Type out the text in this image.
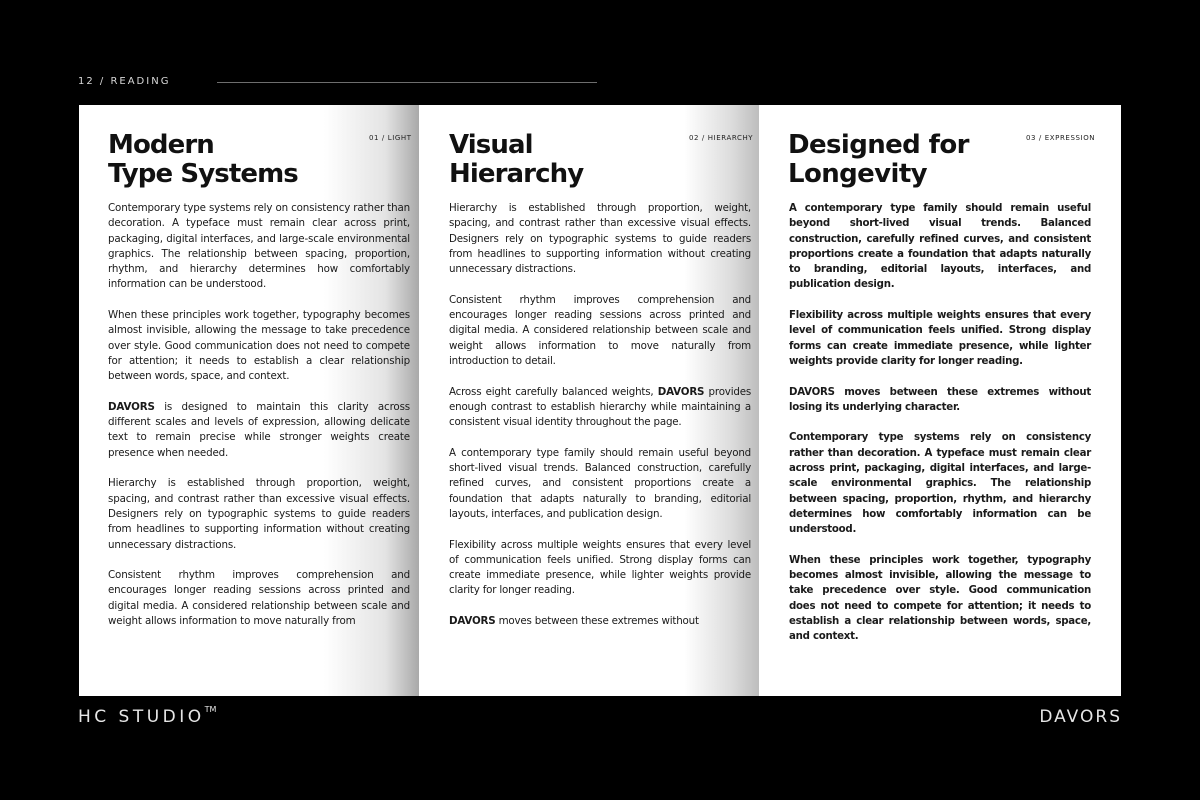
12 / READING
01 / LIGHT
Modern
Type Systems

Contemporary type systems rely on consistency rather than decoration. A typeface must remain clear across print, packaging, digital interfaces, and large-scale environmental graphics. The relationship between spacing, proportion, rhythm, and hierarchy determines how comfortably information can be understood.

When these principles work together, typography becomes almost invisible, allowing the message to take precedence over style. Good communication does not need to compete for attention; it needs to establish a clear relationship between words, space, and context.

DAVORS is designed to maintain this clarity across different scales and levels of expression, allowing delicate text to remain precise while stronger weights create presence when needed.

Hierarchy is established through proportion, weight, spacing, and contrast rather than excessive visual effects. Designers rely on typographic systems to guide readers from headlines to supporting information without creating unnecessary distractions.

Consistent rhythm improves comprehension and encourages longer reading sessions across printed and digital media. A considered relationship between scale and weight allows information to move naturally from

02 / HIERARCHY
Visual
Hierarchy

Hierarchy is established through proportion, weight, spacing, and contrast rather than excessive visual effects. Designers rely on typographic systems to guide readers from headlines to supporting information without creating unnecessary distractions.

Consistent rhythm improves comprehension and encourages longer reading sessions across printed and digital media. A considered relationship between scale and weight allows information to move naturally from introduction to detail.

Across eight carefully balanced weights, DAVORS provides enough contrast to establish hierarchy while maintaining a consistent visual identity throughout the page.

A contemporary type family should remain useful beyond short-lived visual trends. Balanced construction, carefully refined curves, and consistent proportions create a foundation that adapts naturally to branding, editorial layouts, interfaces, and publication design.

Flexibility across multiple weights ensures that every level of communication feels unified. Strong display forms can create immediate presence, while lighter weights provide clarity for longer reading.

DAVORS moves between these extremes without

03 / EXPRESSION
Designed for
Longevity

A contemporary type family should remain useful beyond short-lived visual trends. Balanced construction, carefully refined curves, and consistent proportions create a foundation that adapts naturally to branding, editorial layouts, interfaces, and publication design.

Flexibility across multiple weights ensures that every level of communication feels unified. Strong display forms can create immediate presence, while lighter weights provide clarity for longer reading.

DAVORS moves between these extremes without losing its underlying character.

Contemporary type systems rely on consistency rather than decoration. A typeface must remain clear across print, packaging, digital interfaces, and large-scale environmental graphics. The relationship between spacing, proportion, rhythm, and hierarchy determines how comfortably information can be understood.

When these principles work together, typography becomes almost invisible, allowing the message to take precedence over style. Good communication does not need to compete for attention; it needs to establish a clear relationship between words, space, and context.

HC STUDIO™	DAVORS
